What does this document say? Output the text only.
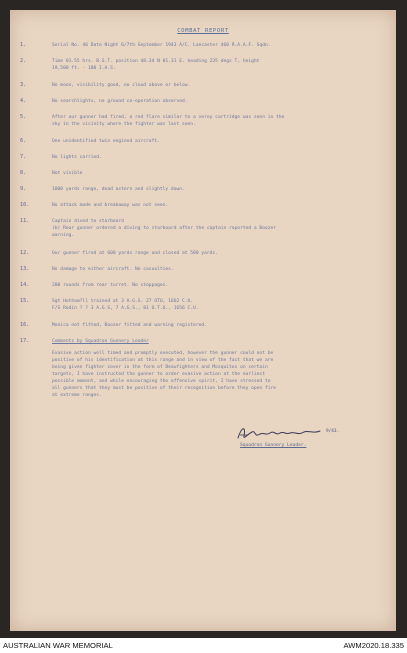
COMBAT REPORT
1.	Serial No. 46 Date Night 6/7th September 1943 A/C. Lancaster 460 R.A.A.F. Sqdn.
2.	Time 01.55 hrs. B.S.T. position 48.34 N 01.31 E. heading 235 degs T, height
19,500 ft. - 180 I.A.S.
3.	No moon, visibility good, no cloud above or below.
4.	No searchlights, no ground co-operation observed.
5.	After our gunner had fired, a red flare similar to a verey cartridge was seen in the
sky in the vicinity where the fighter was last seen.
6.	One unidentified twin engined aircraft.
7.	No lights carried.
8.	Not visible
9.	1000 yards range, dead astern and slightly down.
10.	No attack made and breakaway was not seen.
11.	Captain dived to starboard
(b) Rear gunner ordered a diving to starboard after the captain reported a Boozer
warning.
12.	Our gunner fired at 600 yards range and closed at 500 yards.
13.	No damage to either aircraft. No casualties.
14.	200 rounds from rear turret. No stoppages.
15.	Sgt Hotham?ll trained at 3 A.G.S. 27 OTU, 1662 C.U.
F/S Rodin ? ? 3 A.G.S, 7 A.G.S., 81 O.T.U., 1656 C.U.
16.	Monica not fitted, Boozer fitted and warning registered.
17.	Comments by Squadron Gunnery Leader
Evasive action well timed and promptly executed, however the gunner could not be
positive of his identification at this range and in view of the fact that we are
being given fighter cover in the form of Beaufighters and Mosquitos on certain
targets, I have instructed the gunner to order evasive action at the earliest
possible moment, and while encouraging the offensive spirit, I have stressed to
all gunners that they must be positive of their recognition before they open fire
at extreme ranges.
9/43.
Squadron Gunnery Leader.
AUSTRALIAN WAR MEMORIAL	AWM2020.18.335
